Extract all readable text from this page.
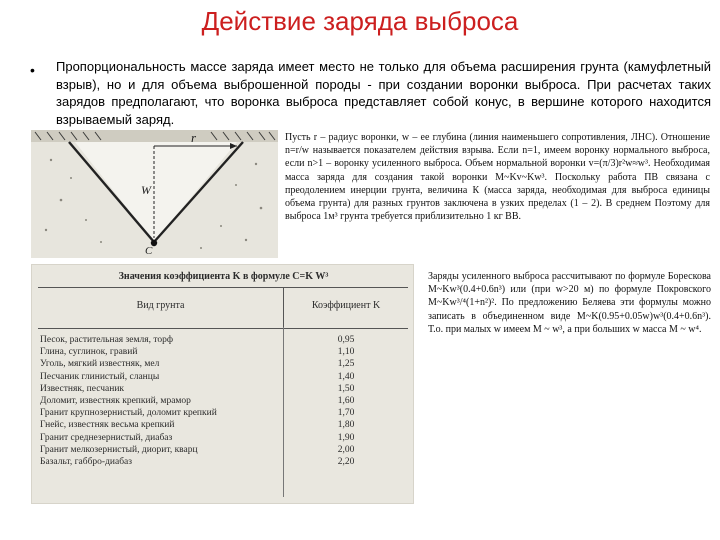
Действие заряда выброса
• Пропорциональность массе заряда имеет место не только для объема расширения грунта (камуфлетный взрыв), но и для объема выброшенной породы - при создании воронки выброса. При расчетах таких зарядов предполагают, что воронка выброса представляет собой конус, в вершине которого находится взрываемый заряд.
r
W
C
Пусть r – радиус воронки, w – ее глубина (линия наименьшего сопротивления, ЛНС). Отношение n=r/w называется показателем действия взрыва. Если n=1, имеем воронку нормального выброса, если n>1 – воронку усиленного выброса. Объем нормальной воронки v=(π/3)r²w≈w³. Необходимая масса заряда для создания такой воронки M~Kv~Kw³. Поскольку работа ПВ связана с преодолением инерции грунта, величина К (масса заряда, необходимая для выброса единицы объема грунта) для разных грунтов заключена в узких пределах (1 – 2). В среднем Поэтому для выброса 1м³ грунта требуется приблизительно 1 кг ВВ.
Заряды усиленного выброса рассчитывают по формуле Борескова M~Kw³(0.4+0.6n³) или (при w>20 м) по формуле Покровского M~Kw³/⁴(1+n²)². По предложению Беляева эти формулы можно записать в объединенном виде M~K(0.95+0.05w)w³(0.4+0.6n³). Т.о. при малых w имеем M ~ w³, а при больших w масса M ~ w⁴.
Значения коэффициента K в формуле C=K W³
Вид грунта	Коэффициент K
Песок, растительная земля, торф	0,95
Глина, суглинок, гравий	1,10
Уголь, мягкий известняк, мел	1,25
Песчаник глинистый, сланцы	1,40
Известняк, песчаник	1,50
Доломит, известняк крепкий, мрамор	1,60
Гранит крупнозернистый, доломит крепкий	1,70
Гнейс, известняк весьма крепкий	1,80
Гранит среднезернистый, диабаз	1,90
Гранит мелкозернистый, диорит, кварц	2,00
Базальт, габбро-диабаз	2,20
